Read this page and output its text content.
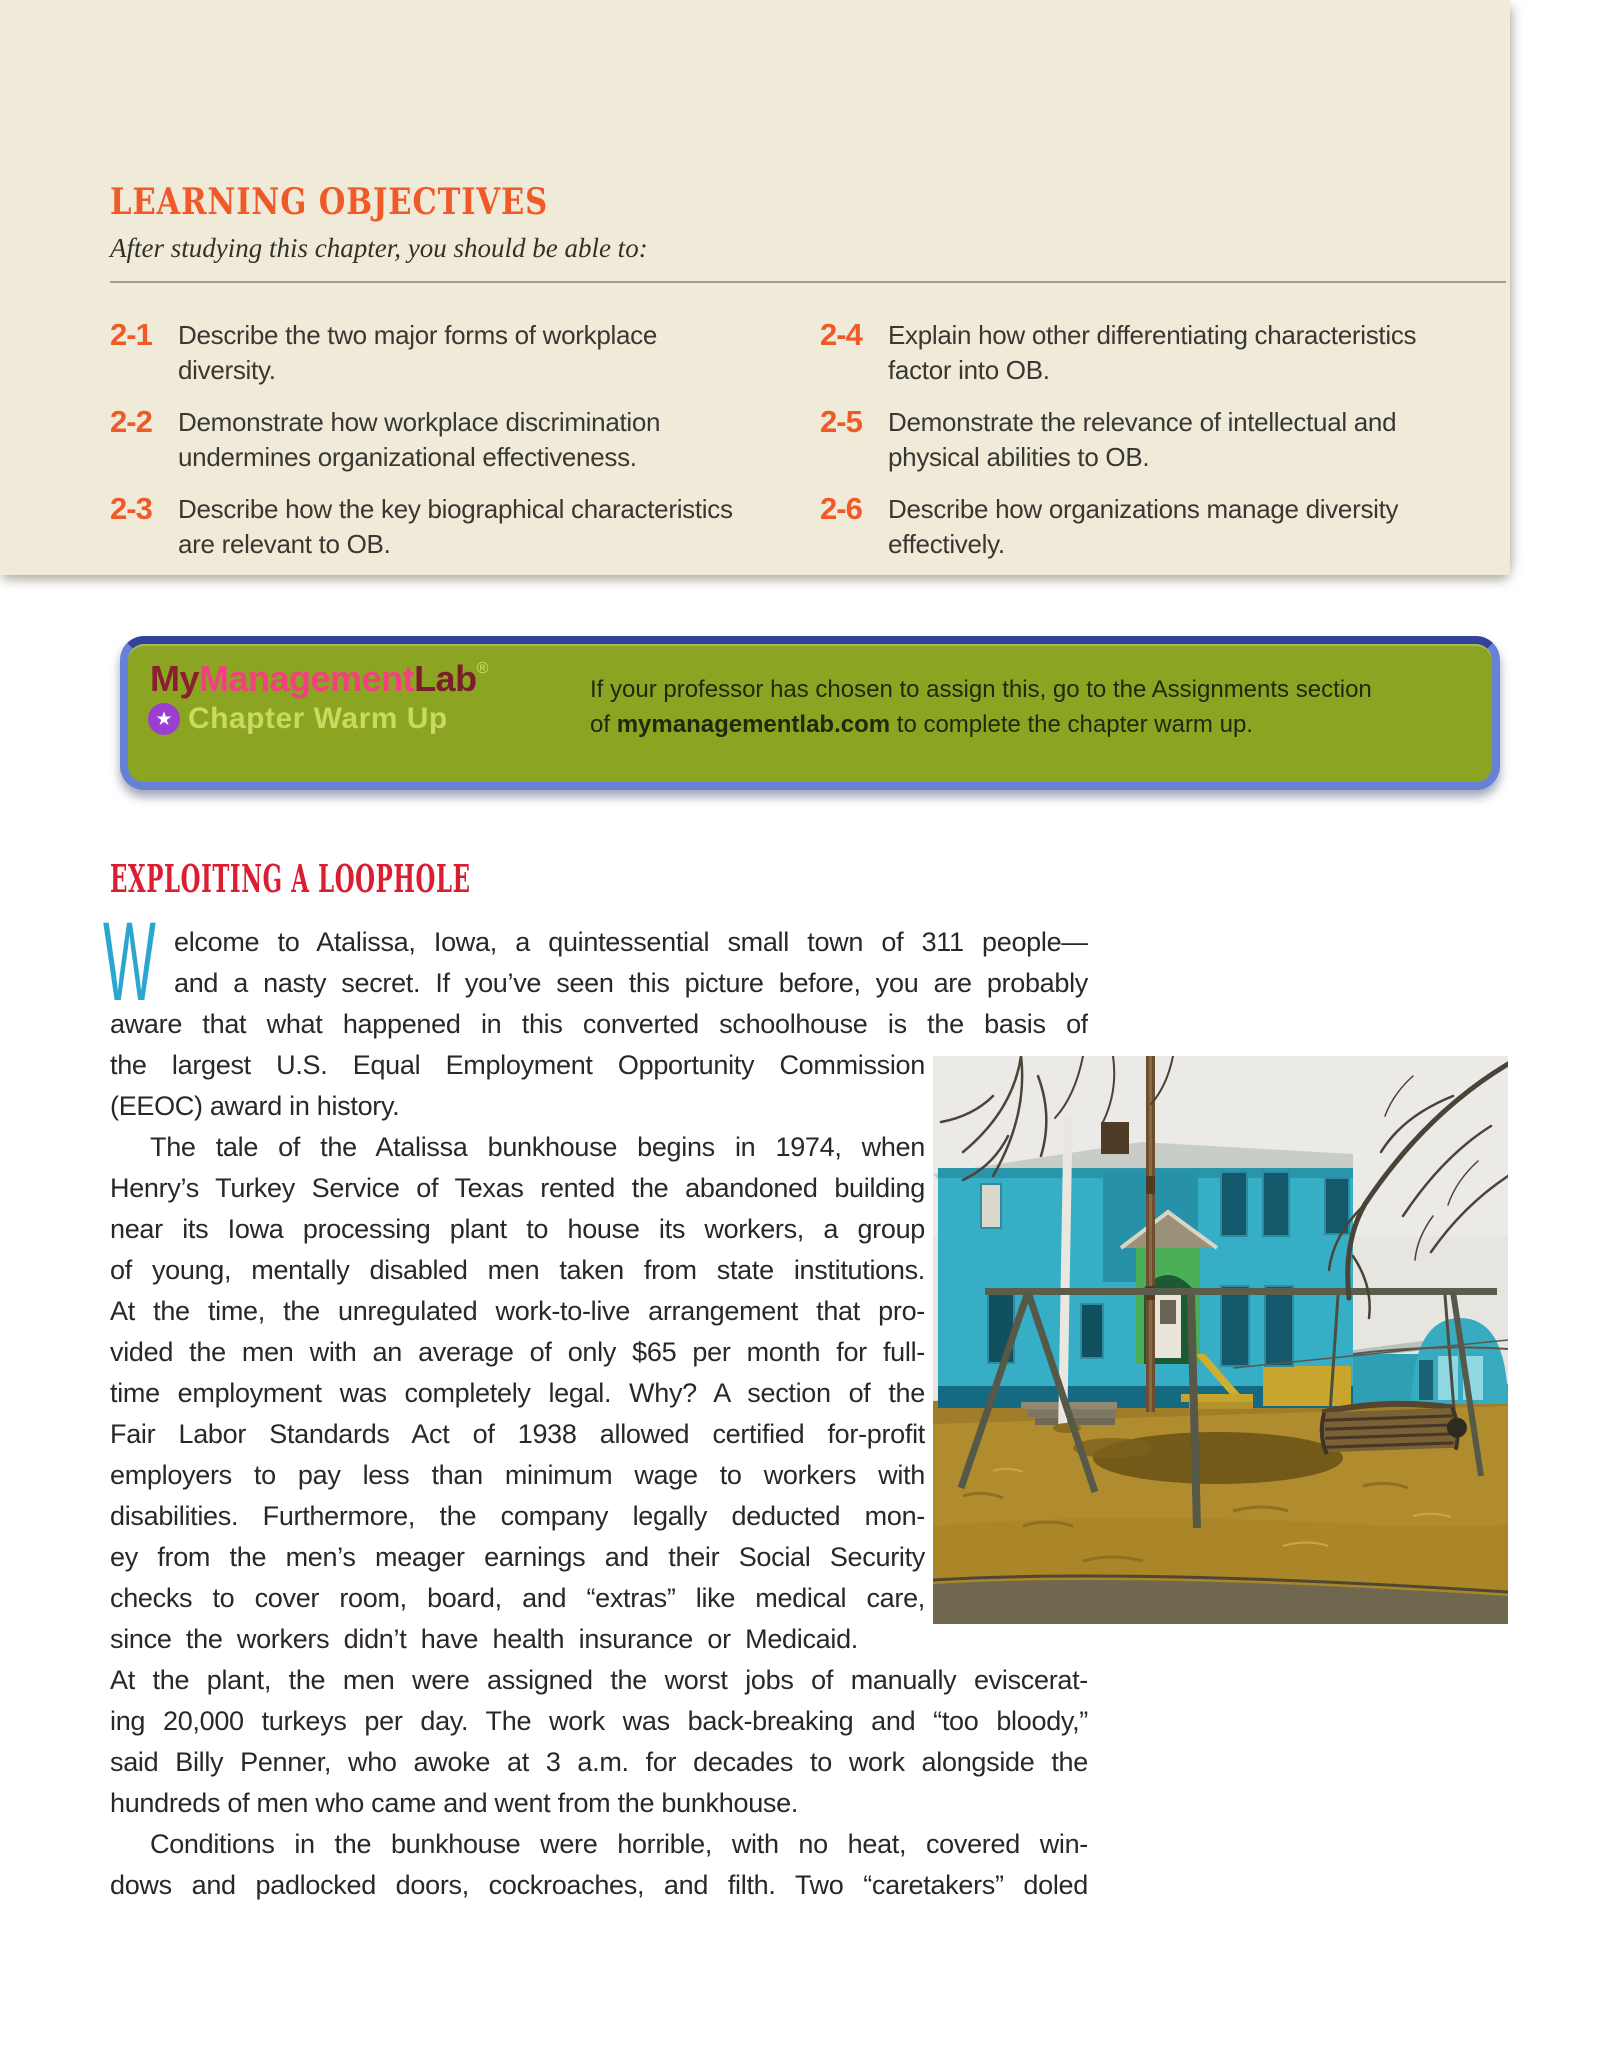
LEARNING OBJECTIVES
After studying this chapter, you should be able to:
2-1	Describe the two major forms of workplace
diversity.
2-2	Demonstrate how workplace discrimination
undermines organizational effectiveness.
2-3	Describe how the key biographical characteristics
are relevant to OB.
2-4	Explain how other differentiating characteristics
factor into OB.
2-5	Demonstrate the relevance of intellectual and
physical abilities to OB.
2-6	Describe how organizations manage diversity
effectively.
MyManagementLab®
★ Chapter Warm Up
If your professor has chosen to assign this, go to the Assignments section
of mymanagementlab.com to complete the chapter warm up.
EXPLOITING A LOOPHOLE
W elcome to Atalissa, Iowa, a quintessential small town of 311 people—
and a nasty secret. If you’ve seen this picture before, you are probably
aware that what happened in this converted schoolhouse is the basis of
the largest U.S. Equal Employment Opportunity Commission
(EEOC) award in history.
The tale of the Atalissa bunkhouse begins in 1974, when
Henry’s Turkey Service of Texas rented the abandoned building
near its Iowa processing plant to house its workers, a group
of young, mentally disabled men taken from state institutions.
At the time, the unregulated work-to-live arrangement that pro-
vided the men with an average of only $65 per month for full-
time employment was completely legal. Why? A section of the
Fair Labor Standards Act of 1938 allowed certified for-profit
employers to pay less than minimum wage to workers with
disabilities. Furthermore, the company legally deducted mon-
ey from the men’s meager earnings and their Social Security
checks to cover room, board, and “extras” like medical care,
since the workers didn’t have health insurance or Medicaid.
At the plant, the men were assigned the worst jobs of manually eviscerat-
ing 20,000 turkeys per day. The work was back-breaking and “too bloody,”
said Billy Penner, who awoke at 3 a.m. for decades to work alongside the
hundreds of men who came and went from the bunkhouse.
Conditions in the bunkhouse were horrible, with no heat, covered win-
dows and padlocked doors, cockroaches, and filth. Two “caretakers” doled
